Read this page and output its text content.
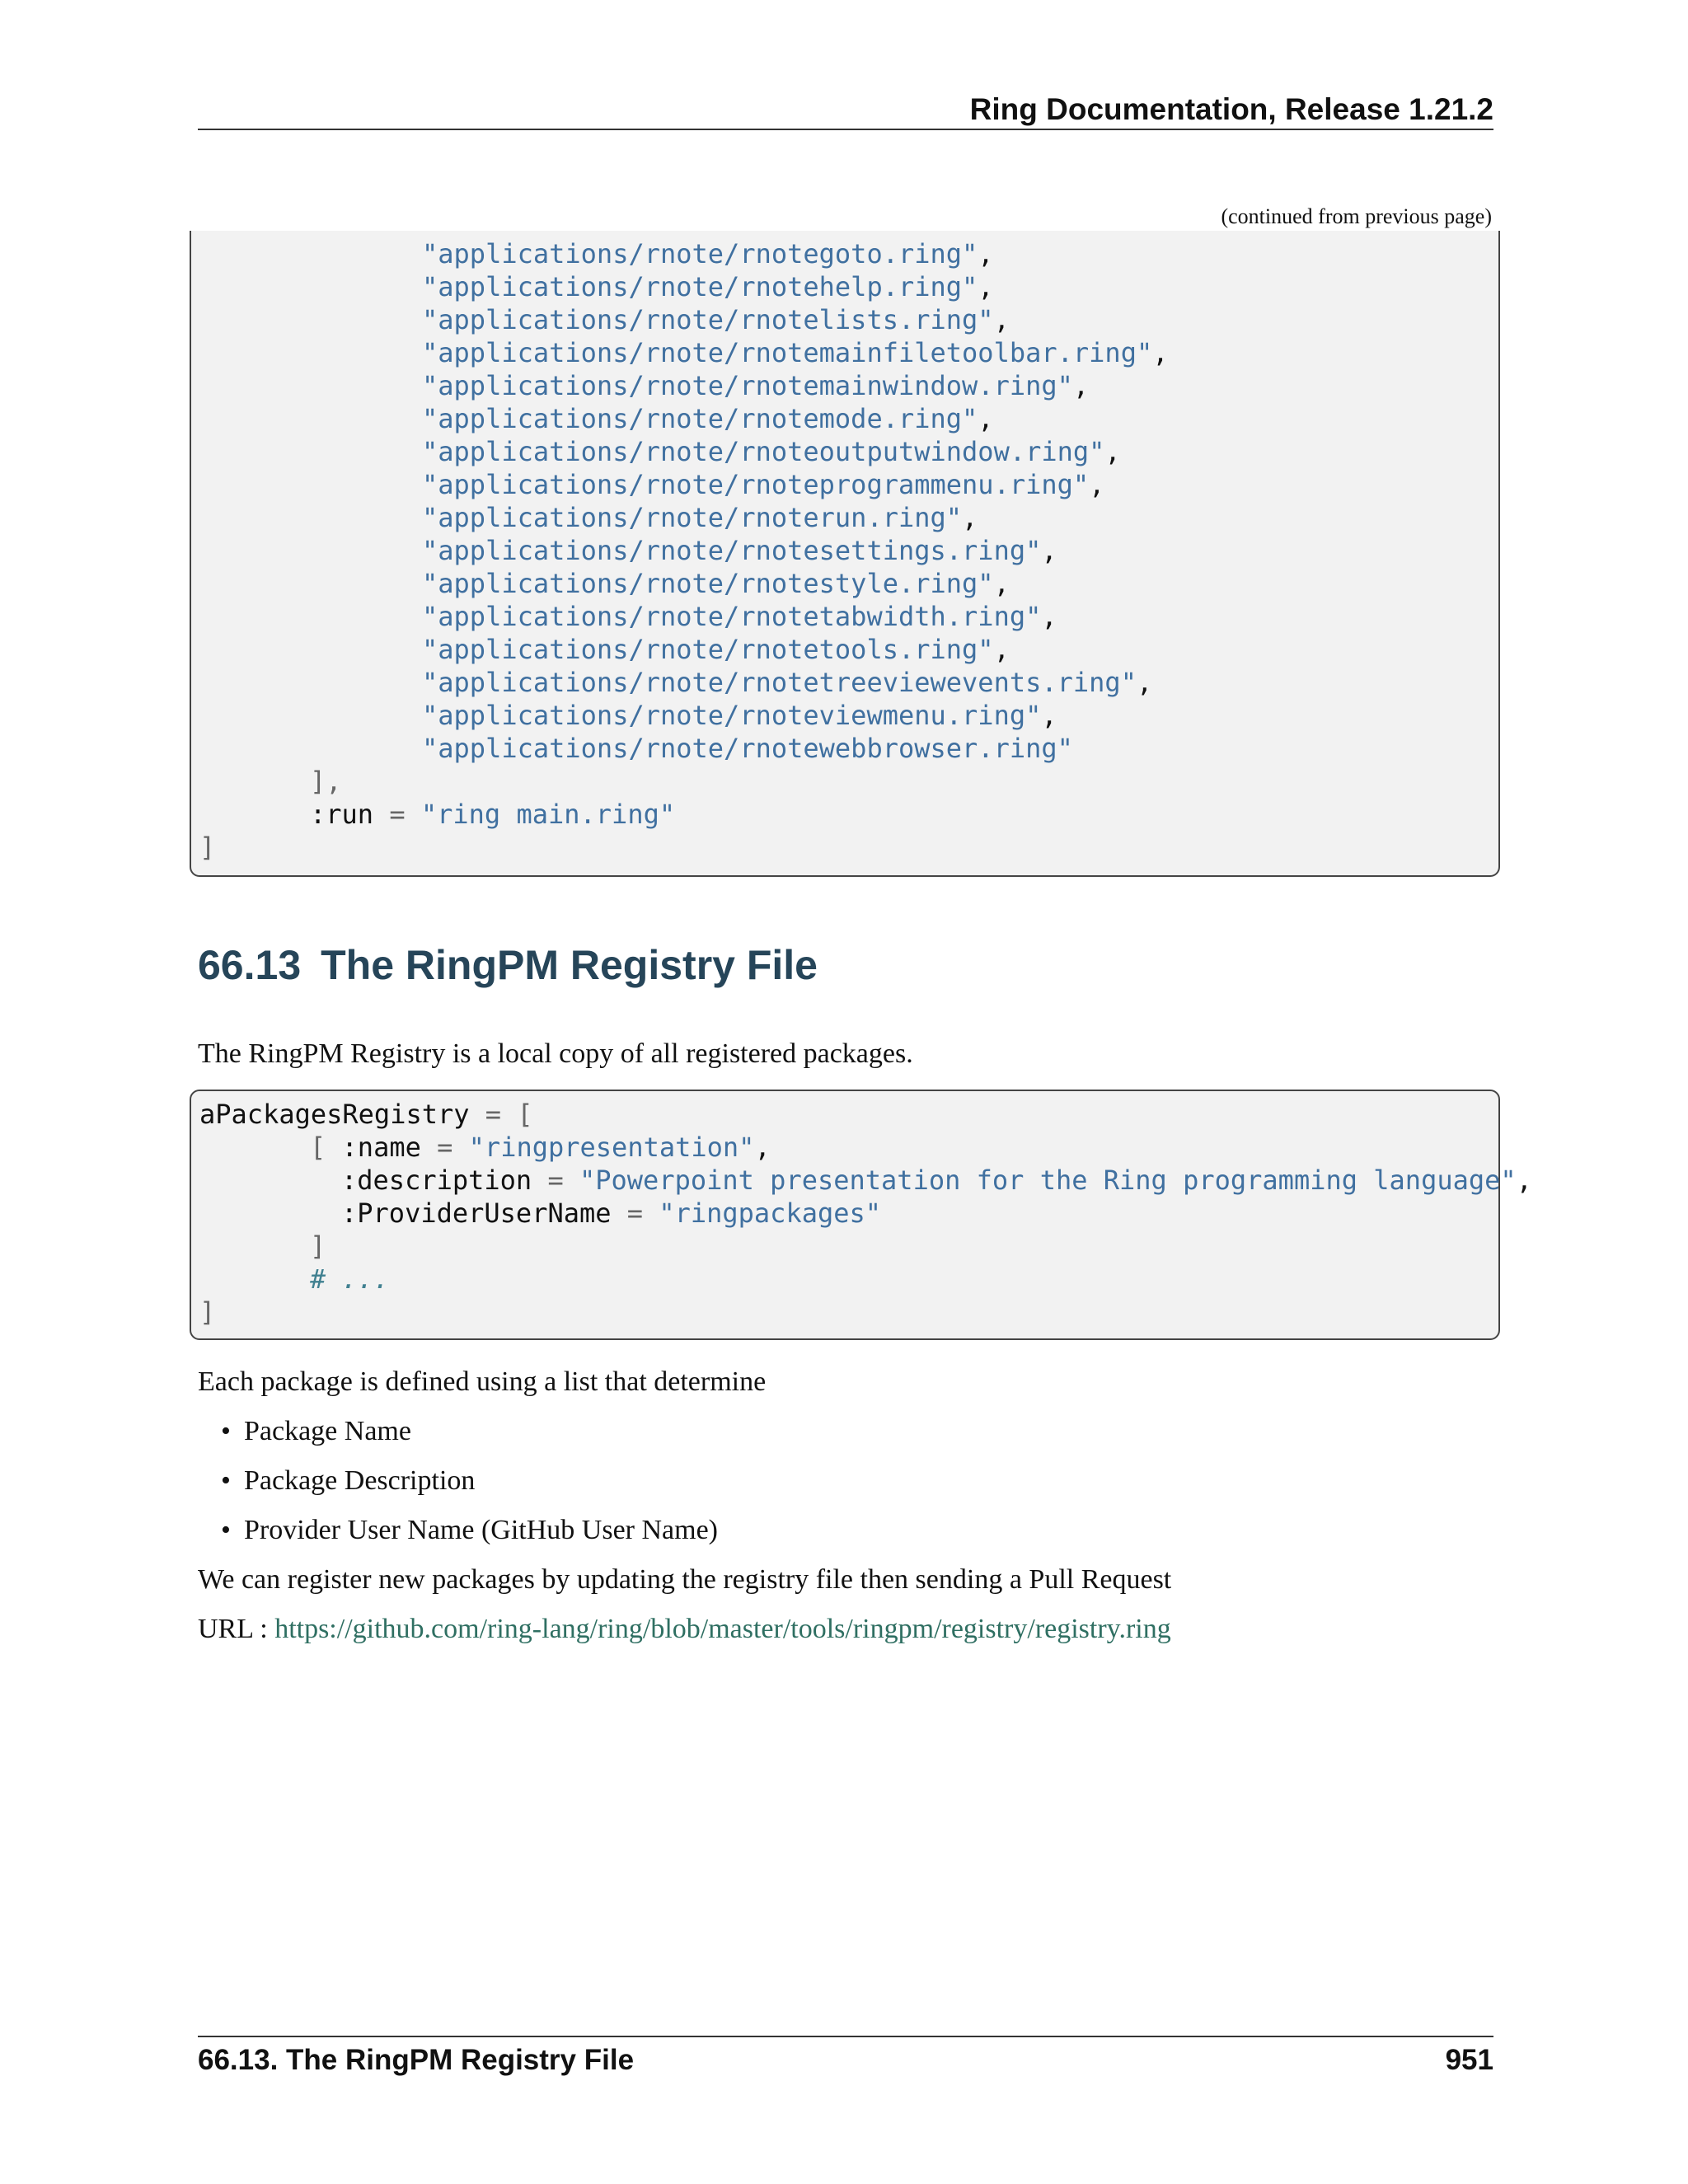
Ring Documentation, Release 1.21.2
(continued from previous page)
"applications/rnote/rnotegoto.ring",
"applications/rnote/rnotehelp.ring",
"applications/rnote/rnotelists.ring",
"applications/rnote/rnotemainfiletoolbar.ring",
"applications/rnote/rnotemainwindow.ring",
"applications/rnote/rnotemode.ring",
"applications/rnote/rnoteoutputwindow.ring",
"applications/rnote/rnoteprogrammenu.ring",
"applications/rnote/rnoterun.ring",
"applications/rnote/rnotesettings.ring",
"applications/rnote/rnotestyle.ring",
"applications/rnote/rnotetabwidth.ring",
"applications/rnote/rnotetools.ring",
"applications/rnote/rnotetreeviewevents.ring",
"applications/rnote/rnoteviewmenu.ring",
"applications/rnote/rnotewebbrowser.ring"
],
:run = "ring main.ring"
]
66.13 The RingPM Registry File
The RingPM Registry is a local copy of all registered packages.
aPackagesRegistry = [
[ :name = "ringpresentation",
:description = "Powerpoint presentation for the Ring programming language",
:ProviderUserName = "ringpackages"
]
# ...
]
Each package is defined using a list that determine
• Package Name
• Package Description
• Provider User Name (GitHub User Name)
We can register new packages by updating the registry file then sending a Pull Request
URL : https://github.com/ring-lang/ring/blob/master/tools/ringpm/registry/registry.ring
66.13. The RingPM Registry File	951
